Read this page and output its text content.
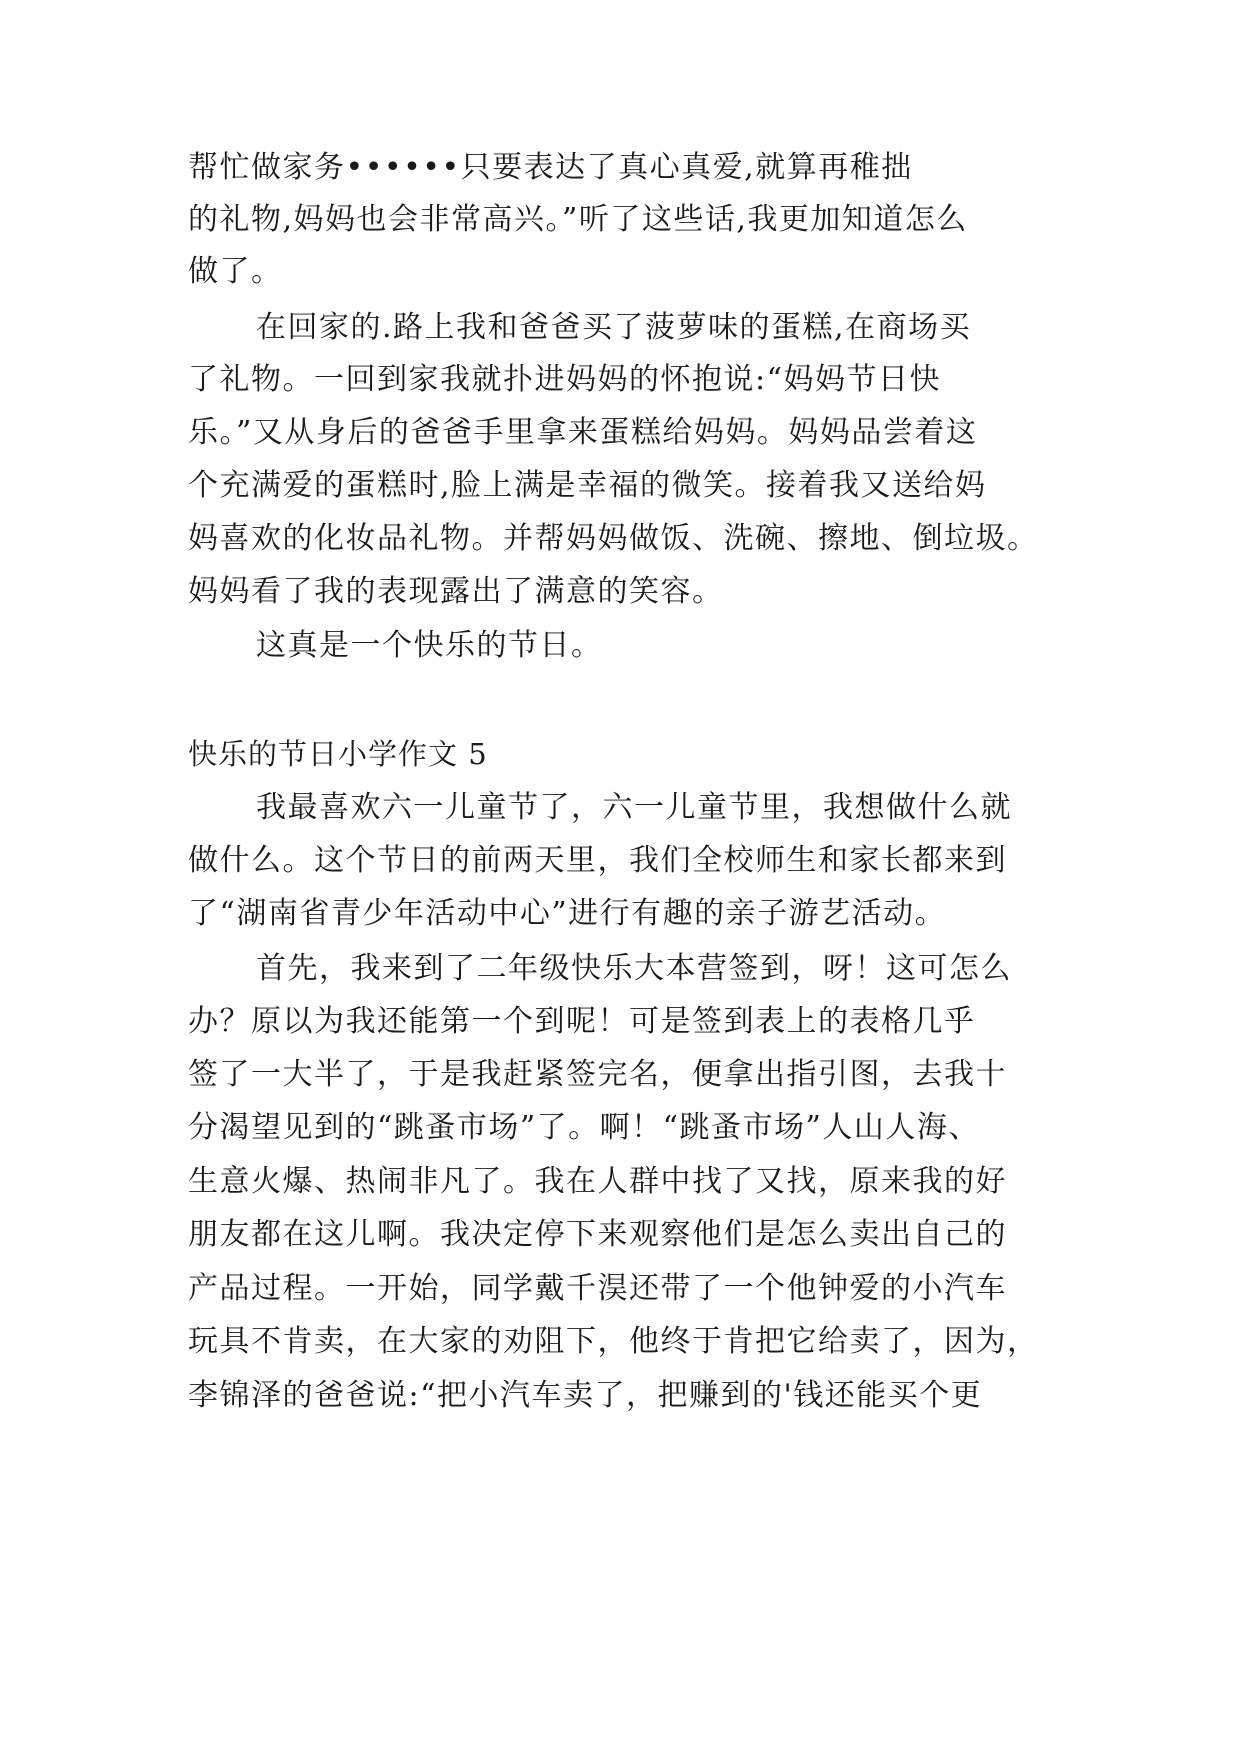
帮忙做家务••••••只要表达了真心真爱,就算再稚拙
的礼物,妈妈也会非常高兴。”听了这些话,我更加知道怎么
做了。
在回家的.路上我和爸爸买了菠萝味的蛋糕,在商场买
了礼物。一回到家我就扑进妈妈的怀抱说:“妈妈节日快
乐。”又从身后的爸爸手里拿来蛋糕给妈妈。妈妈品尝着这
个充满爱的蛋糕时,脸上满是幸福的微笑。接着我又送给妈
妈喜欢的化妆品礼物。并帮妈妈做饭、洗碗、擦地、倒垃圾。
妈妈看了我的表现露出了满意的笑容。
这真是一个快乐的节日。
快乐的节日小学作文 5
我最喜欢六一儿童节了，六一儿童节里，我想做什么就
做什么。这个节日的前两天里，我们全校师生和家长都来到
了“湖南省青少年活动中心”进行有趣的亲子游艺活动。
首先，我来到了二年级快乐大本营签到，呀！这可怎么
办？原以为我还能第一个到呢！可是签到表上的表格几乎
签了一大半了，于是我赶紧签完名，便拿出指引图，去我十
分渴望见到的“跳蚤市场”了。啊！“跳蚤市场”人山人海、
生意火爆、热闹非凡了。我在人群中找了又找，原来我的好
朋友都在这儿啊。我决定停下来观察他们是怎么卖出自己的
产品过程。一开始，同学戴千淏还带了一个他钟爱的小汽车
玩具不肯卖，在大家的劝阻下，他终于肯把它给卖了，因为，
李锦泽的爸爸说:“把小汽车卖了，把赚到的'钱还能买个更
